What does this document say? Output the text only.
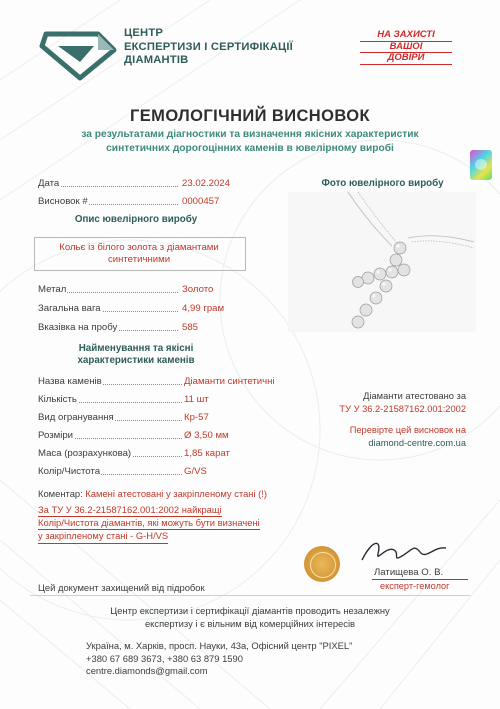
ЦЕНТР
ЕКСПЕРТИЗИ І СЕРТИФІКАЦІЇ
ДІАМАНТІВ
НА ЗАХИСТІ
ВАШОЇ
ДОВІРИ
ГЕМОЛОГІЧНИЙ ВИСНОВОК
за результатами діагностики та визначення якісних характеристик
синтетичних дорогоцінних каменів в ювелірному виробі
Дата	23.02.2024
Висновок #	0000457
Опис ювелірного виробу
Кольє із білого золота з діамантами
синтетичними
Метал	Золото
Загальна вага	4,99 грам
Вказівка на пробу	585
Найменування та якісні
характеристики каменів
Назва каменів	Діаманти синтетичні
Кількість	11 шт
Вид огранування	Кр-57
Розміри	Ø 3,50 мм
Маса (розрахункова)	1,85 карат
Колір/Чистота	G/VS
Фото ювелірного виробу
Діаманти атестовано за
ТУ У 36.2-21587162.001:2002
Перевірте цей висновок на
diamond-centre.com.ua
Коментар: Камені атестовані у закріпленому стані (!)
За ТУ У 36.2-21587162.001:2002 найкращі
Колір/Чистота діамантів, які можуть бути визначені
у закріпленому стані - G-H/VS
Латищева О. В.
експерт-гемолог
Цей документ захищений від підробок
Центр експертизи і сертифікації діамантів проводить незалежну
експертизу і є вільним від комерційних інтересів
Україна, м. Харків, просп. Науки, 43а, Офісний центр "PIXEL"
+380 67 689 3673, +380 63 879 1590
centre.diamonds@gmail.com
